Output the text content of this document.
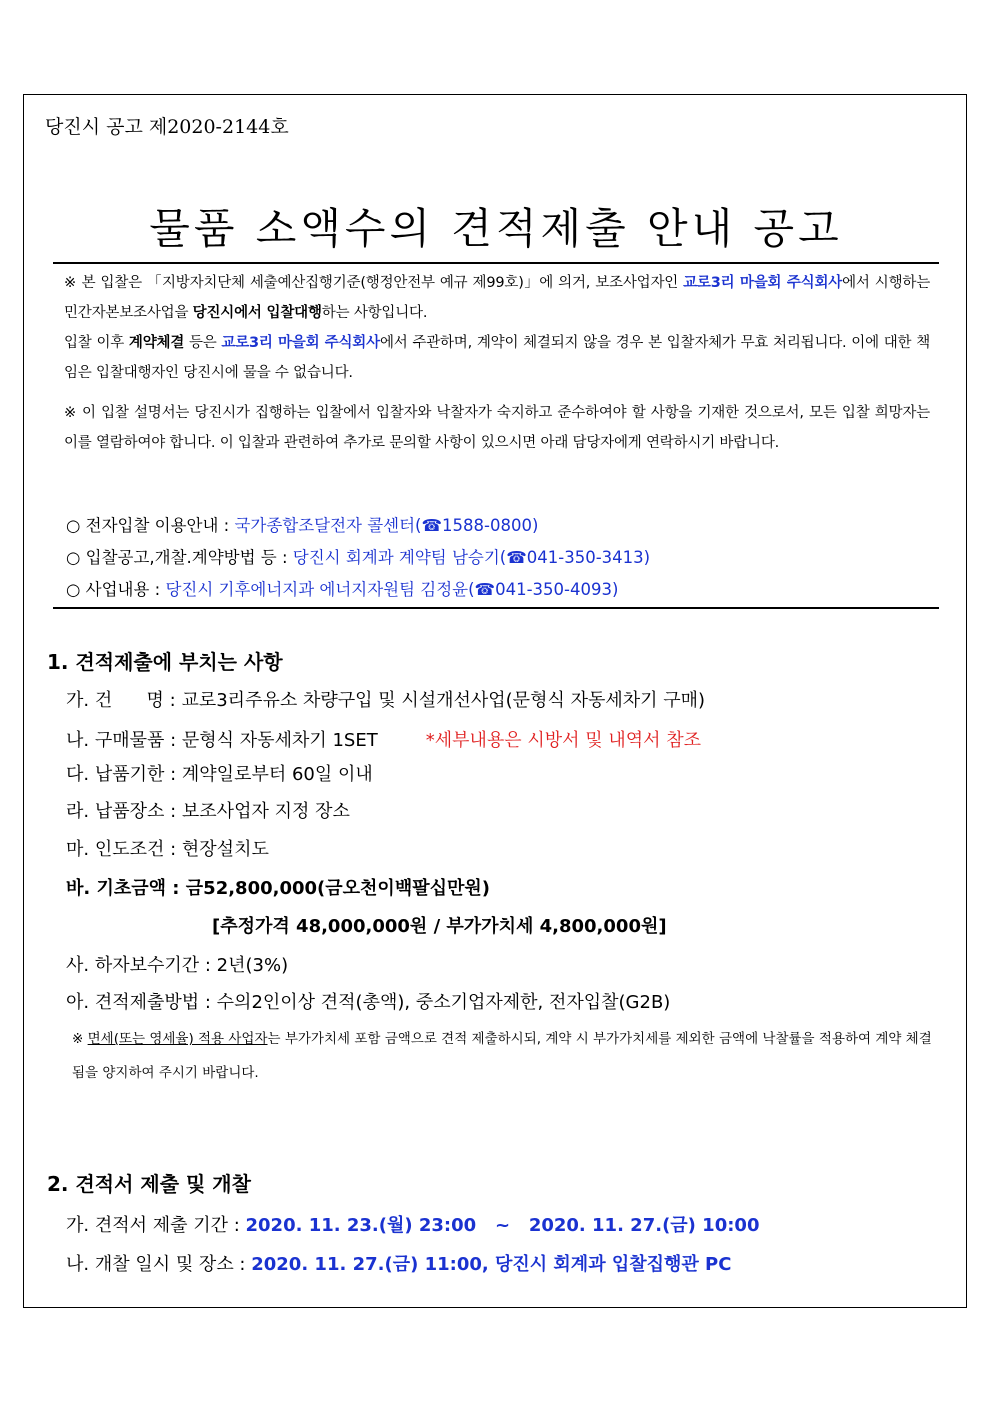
당진시 공고 제2020-2144호
물품 소액수의 견적제출 안내 공고
※ 본 입찰은 「지방자치단체 세출예산집행기준(행정안전부 예규 제99호)」에 의거, 보조사업자인 교로3리 마을회 주식회사에서 시행하는 민간자본보조사업을 당진시에서 입찰대행하는 사항입니다.
입찰 이후 계약체결 등은 교로3리 마을회 주식회사에서 주관하며, 계약이 체결되지 않을 경우 본 입찰자체가 무효 처리됩니다. 이에 대한 책임은 입찰대행자인 당진시에 물을 수 없습니다.
※ 이 입찰 설명서는 당진시가 집행하는 입찰에서 입찰자와 낙찰자가 숙지하고 준수하여야 할 사항을 기재한 것으로서, 모든 입찰 희망자는 이를 열람하여야 합니다. 이 입찰과 관련하여 추가로 문의할 사항이 있으시면 아래 담당자에게 연락하시기 바랍니다.
○ 전자입찰 이용안내 : 국가종합조달전자 콜센터(☎1588-0800)
○ 입찰공고,개찰.계약방법 등 : 당진시 회계과 계약팀 남승기(☎041-350-3413)
○ 사업내용 : 당진시 기후에너지과 에너지자원팀 김정윤(☎041-350-4093)
1. 견적제출에 부치는 사항
가. 건      명 : 교로3리주유소 차량구입 및 시설개선사업(문형식 자동세차기 구매)
나. 구매물품 : 문형식 자동세차기 1SET	*세부내용은 시방서 및 내역서 참조
다. 납품기한 : 계약일로부터 60일 이내
라. 납품장소 : 보조사업자 지정 장소
마. 인도조건 : 현장설치도
바. 기초금액 : 금52,800,000(금오천이백팔십만원)
[추정가격 48,000,000원 / 부가가치세 4,800,000원]
사. 하자보수기간 : 2년(3%)
아. 견적제출방법 : 수의2인이상 견적(총액), 중소기업자제한, 전자입찰(G2B)
※ 면세(또는 영세율) 적용 사업자는 부가가치세 포함 금액으로 견적 제출하시되, 계약 시 부가가치세를 제외한 금액에 낙찰률을 적용하여 계약 체결됨을 양지하여 주시기 바랍니다.
2. 견적서 제출 및 개찰
가. 견적서 제출 기간 : 2020. 11. 23.(월) 23:00   ~   2020. 11. 27.(금) 10:00
나. 개찰 일시 및 장소 : 2020. 11. 27.(금) 11:00, 당진시 회계과 입찰집행관 PC
